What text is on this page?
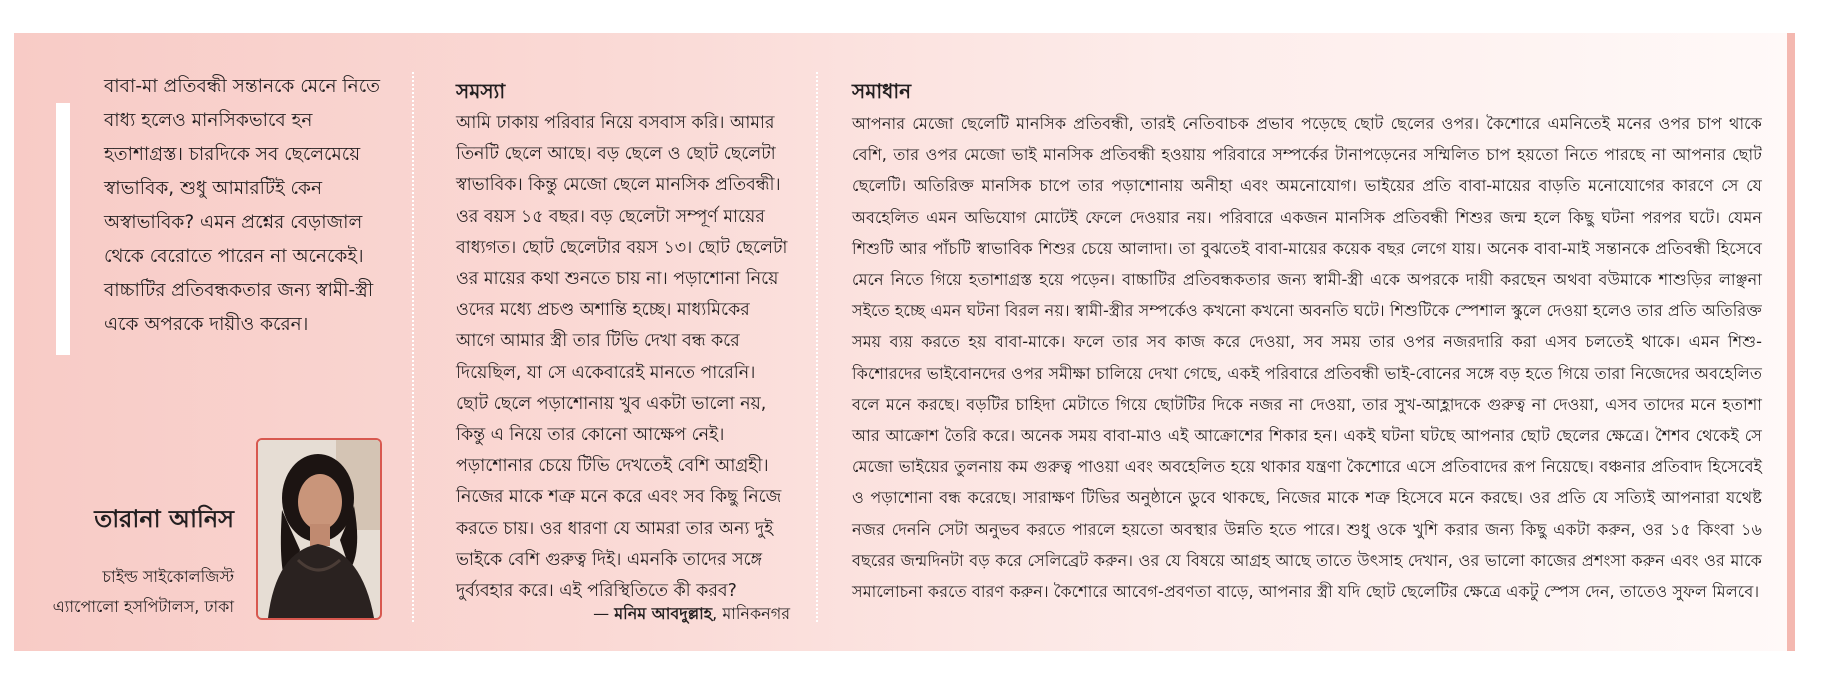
বাবা-মা প্রতিবন্ধী সন্তানকে মেনে নিতে বাধ্য হলেও মানসিকভাবে হন হতাশাগ্রস্ত। চারদিকে সব ছেলেমেয়ে স্বাভাবিক, শুধু আমারটিই কেন অস্বাভাবিক? এমন প্রশ্নের বেড়াজাল থেকে বেরোতে পারেন না অনেকেই। বাচ্চাটির প্রতিবন্ধকতার জন্য স্বামী-স্ত্রী একে অপরকে দায়ীও করেন।

তারানা আনিস
চাইল্ড সাইকোলজিস্ট
এ্যাপোলো হসপিটালস, ঢাকা
সমস্যা

আমি ঢাকায় পরিবার নিয়ে বসবাস করি। আমার তিনটি ছেলে আছে। বড় ছেলে ও ছোট ছেলেটা স্বাভাবিক। কিন্তু মেজো ছেলে মানসিক প্রতিবন্ধী। ওর বয়স ১৫ বছর। বড় ছেলেটা সম্পূর্ণ মায়ের বাধ্যগত। ছোট ছেলেটার বয়স ১৩। ছোট ছেলেটা ওর মায়ের কথা শুনতে চায় না। পড়াশোনা নিয়ে ওদের মধ্যে প্রচণ্ড অশান্তি হচ্ছে। মাধ্যমিকের আগে আমার স্ত্রী তার টিভি দেখা বন্ধ করে দিয়েছিল, যা সে একেবারেই মানতে পারেনি। ছোট ছেলে পড়াশোনায় খুব একটা ভালো নয়, কিন্তু এ নিয়ে তার কোনো আক্ষেপ নেই। পড়াশোনার চেয়ে টিভি দেখতেই বেশি আগ্রহী। নিজের মাকে শত্রু মনে করে এবং সব কিছু নিজে করতে চায়। ওর ধারণা যে আমরা তার অন্য দুই ভাইকে বেশি গুরুত্ব দিই। এমনকি তাদের সঙ্গে দুর্ব্যবহার করে। এই পরিস্থিতিতে কী করব?

— মনিম আবদুল্লাহ, মানিকনগর
সমাধান

আপনার মেজো ছেলেটি মানসিক প্রতিবন্ধী, তারই নেতিবাচক প্রভাব পড়েছে ছোট ছেলের ওপর। কৈশোরে এমনিতেই মনের ওপর চাপ থাকে বেশি, তার ওপর মেজো ভাই মানসিক প্রতিবন্ধী হওয়ায় পরিবারে সম্পর্কের টানাপড়েনের সম্মিলিত চাপ হয়তো নিতে পারছে না আপনার ছোট ছেলেটি। অতিরিক্ত মানসিক চাপে তার পড়াশোনায় অনীহা এবং অমনোযোগ। ভাইয়ের প্রতি বাবা-মায়ের বাড়তি মনোযোগের কারণে সে যে অবহেলিত এমন অভিযোগ মোটেই ফেলে দেওয়ার নয়। পরিবারে একজন মানসিক প্রতিবন্ধী শিশুর জন্ম হলে কিছু ঘটনা পরপর ঘটে। যেমন শিশুটি আর পাঁচটি স্বাভাবিক শিশুর চেয়ে আলাদা। তা বুঝতেই বাবা-মায়ের কয়েক বছর লেগে যায়। অনেক বাবা-মাই সন্তানকে প্রতিবন্ধী হিসেবে মেনে নিতে গিয়ে হতাশাগ্রস্ত হয়ে পড়েন। বাচ্চাটির প্রতিবন্ধকতার জন্য স্বামী-স্ত্রী একে অপরকে দায়ী করছেন অথবা বউমাকে শাশুড়ির লাঞ্ছনা সইতে হচ্ছে এমন ঘটনা বিরল নয়। স্বামী-স্ত্রীর সম্পর্কেও কখনো কখনো অবনতি ঘটে। শিশুটিকে স্পেশাল স্কুলে দেওয়া হলেও তার প্রতি অতিরিক্ত সময় ব্যয় করতে হয় বাবা-মাকে। ফলে তার সব কাজ করে দেওয়া, সব সময় তার ওপর নজরদারি করা এসব চলতেই থাকে। এমন শিশু-কিশোরদের ভাইবোনদের ওপর সমীক্ষা চালিয়ে দেখা গেছে, একই পরিবারে প্রতিবন্ধী ভাই-বোনের সঙ্গে বড় হতে গিয়ে তারা নিজেদের অবহেলিত বলে মনে করছে। বড়টির চাহিদা মেটাতে গিয়ে ছোটটির দিকে নজর না দেওয়া, তার সুখ-আহ্লাদকে গুরুত্ব না দেওয়া, এসব তাদের মনে হতাশা আর আক্রোশ তৈরি করে। অনেক সময় বাবা-মাও এই আক্রোশের শিকার হন। একই ঘটনা ঘটছে আপনার ছোট ছেলের ক্ষেত্রে। শৈশব থেকেই সে মেজো ভাইয়ের তুলনায় কম গুরুত্ব পাওয়া এবং অবহেলিত হয়ে থাকার যন্ত্রণা কৈশোরে এসে প্রতিবাদের রূপ নিয়েছে। বঞ্চনার প্রতিবাদ হিসেবেই ও পড়াশোনা বন্ধ করেছে। সারাক্ষণ টিভির অনুষ্ঠানে ডুবে থাকছে, নিজের মাকে শত্রু হিসেবে মনে করছে। ওর প্রতি যে সত্যিই আপনারা যথেষ্ট নজর দেননি সেটা অনুভব করতে পারলে হয়তো অবস্থার উন্নতি হতে পারে। শুধু ওকে খুশি করার জন্য কিছু একটা করুন, ওর ১৫ কিংবা ১৬ বছরের জন্মদিনটা বড় করে সেলিব্রেট করুন। ওর যে বিষয়ে আগ্রহ আছে তাতে উৎসাহ দেখান, ওর ভালো কাজের প্রশংসা করুন এবং ওর মাকে সমালোচনা করতে বারণ করুন। কৈশোরে আবেগ-প্রবণতা বাড়ে, আপনার স্ত্রী যদি ছোট ছেলেটির ক্ষেত্রে একটু স্পেস দেন, তাতেও সুফল মিলবে।
